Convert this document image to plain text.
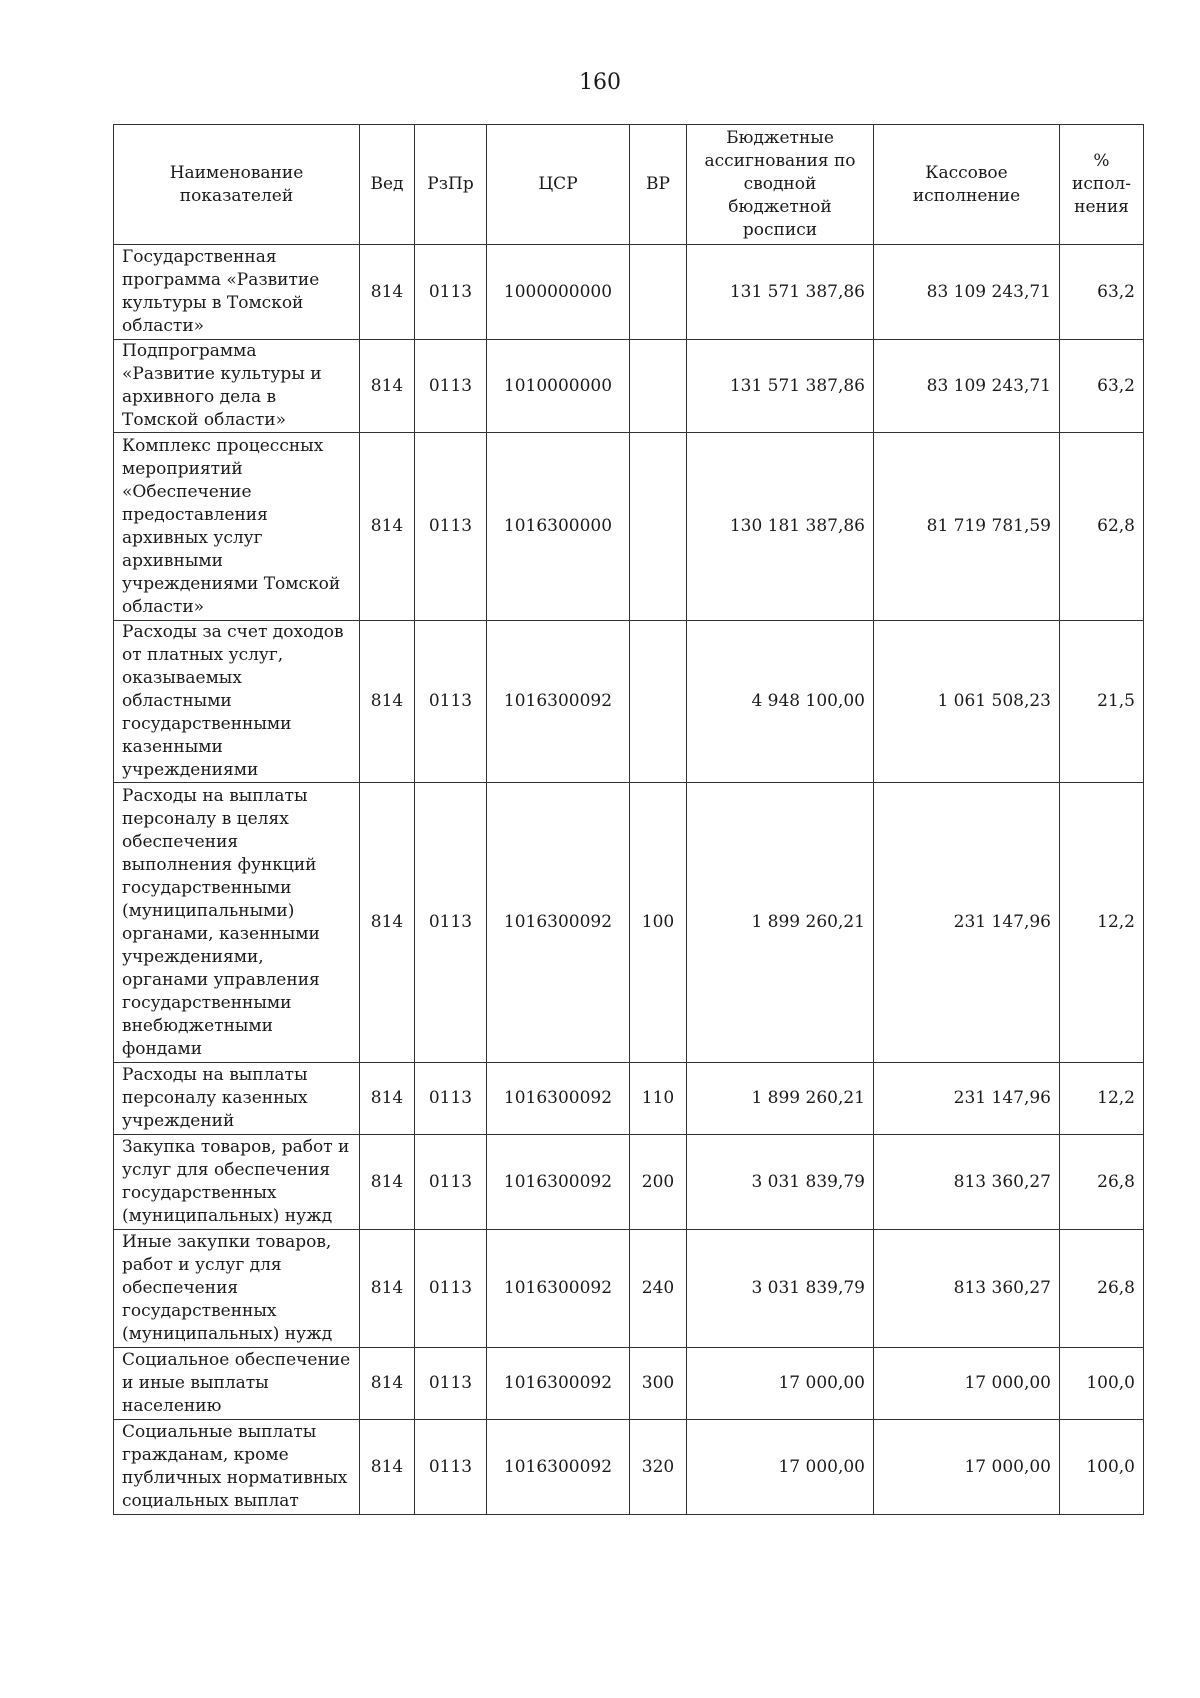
160
Наименование показателей	Вед	РзПр	ЦСР	ВР	Бюджетные ассигнования по сводной бюджетной росписи	Кассовое исполнение	% испол-нения
Государственная программа «Развитие культуры в Томской области»	814	0113	1000000000		131 571 387,86	83 109 243,71	63,2
Подпрограмма «Развитие культуры и архивного дела в Томской области»	814	0113	1010000000		131 571 387,86	83 109 243,71	63,2
Комплекс процессных мероприятий «Обеспечение предоставления архивных услуг архивными учреждениями Томской области»	814	0113	1016300000		130 181 387,86	81 719 781,59	62,8
Расходы за счет доходов от платных услуг, оказываемых областными государственными казенными учреждениями	814	0113	1016300092		4 948 100,00	1 061 508,23	21,5
Расходы на выплаты персоналу в целях обеспечения выполнения функций государственными (муниципальными) органами, казенными учреждениями, органами управления государственными внебюджетными фондами	814	0113	1016300092	100	1 899 260,21	231 147,96	12,2
Расходы на выплаты персоналу казенных учреждений	814	0113	1016300092	110	1 899 260,21	231 147,96	12,2
Закупка товаров, работ и услуг для обеспечения государственных (муниципальных) нужд	814	0113	1016300092	200	3 031 839,79	813 360,27	26,8
Иные закупки товаров, работ и услуг для обеспечения государственных (муниципальных) нужд	814	0113	1016300092	240	3 031 839,79	813 360,27	26,8
Социальное обеспечение и иные выплаты населению	814	0113	1016300092	300	17 000,00	17 000,00	100,0
Социальные выплаты гражданам, кроме публичных нормативных социальных выплат	814	0113	1016300092	320	17 000,00	17 000,00	100,0
